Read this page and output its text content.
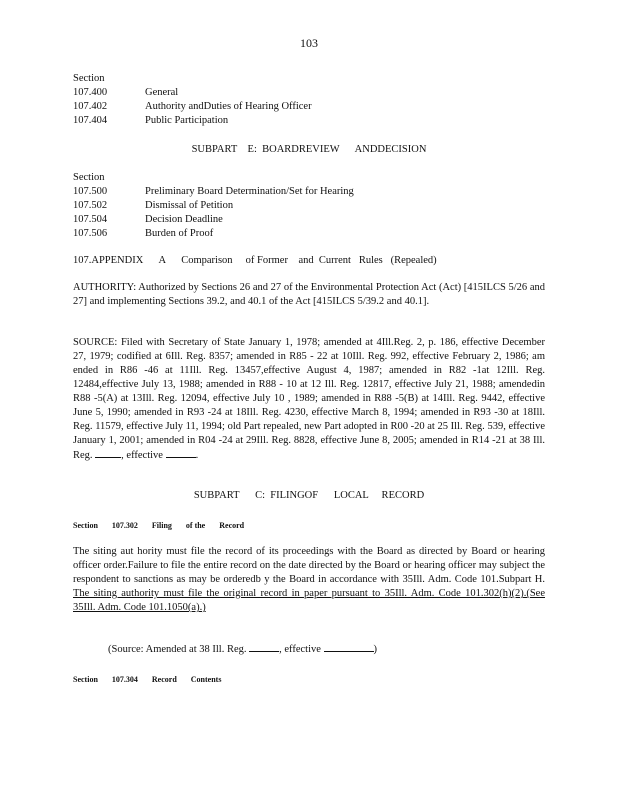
103
Section
107.400	General
107.402	Authority andDuties of Hearing Officer
107.404	Public Participation
SUBPART    E:  BOARDREVIEW      ANDDECISION
Section
107.500	Preliminary Board Determination/Set for Hearing
107.502	Dismissal of Petition
107.504	Decision Deadline
107.506	Burden of Proof
107.APPENDIX      A      Comparison     of Former    and  Current   Rules   (Repealed)
AUTHORITY: Authorized by Sections 26 and 27 of the Environmental Protection Act (Act) [415ILCS 5/26 and 27] and implementing Sections 39.2, and 40.1 of the Act [415ILCS 5/39.2 and 40.1].
SOURCE: Filed with Secretary of State January 1, 1978; amended at 4Ill.Reg. 2, p. 186, effective December 27, 1979; codified at 6Ill. Reg. 8357; amended in R85 - 22 at 10Ill. Reg. 992, effective February 2, 1986; am ended in R86 -46 at 11Ill. Reg. 13457,effective August 4, 1987; amended in R82 -1at 12Ill. Reg. 12484,effective July 13, 1988; amended in R88 - 10 at 12 Ill. Reg. 12817, effective July 21, 1988; amendedin R88 -5(A) at 13Ill. Reg. 12094, effective July 10 , 1989; amended in R88 -5(B) at 14Ill. Reg. 9442, effective June 5, 1990; amended in R93 -24 at 18Ill. Reg. 4230, effective March 8, 1994; amended in R93 -30 at 18Ill. Reg. 11579, effective July 11, 1994; old Part repealed, new Part adopted in R00 -20 at 25 Ill. Reg. 539, effective January 1, 2001; amended in R04 -24 at 29Ill. Reg. 8828, effective June 8, 2005; amended in R14 -21 at 38 Ill. Reg.	, effective	.
SUBPART      C:  FILINGOF      LOCAL     RECORD
Section 107.302 Filing of the Record
The siting aut hority must file the record of its proceedings with the Board as directed by Board or hearing officer order.Failure to file the entire record on the date directed by the Board or hearing officer may subject the respondent to sanctions as may be orderedb y the Board in accordance with 35Ill. Adm. Code 101.Subpart H. The siting authority must file the original record in paper pursuant to 35Ill. Adm. Code 101.302(h)(2).(See 35Ill. Adm. Code 101.1050(a).)
(Source: Amended at 38 Ill. Reg.	, effective	)
Section 107.304 Record Contents
